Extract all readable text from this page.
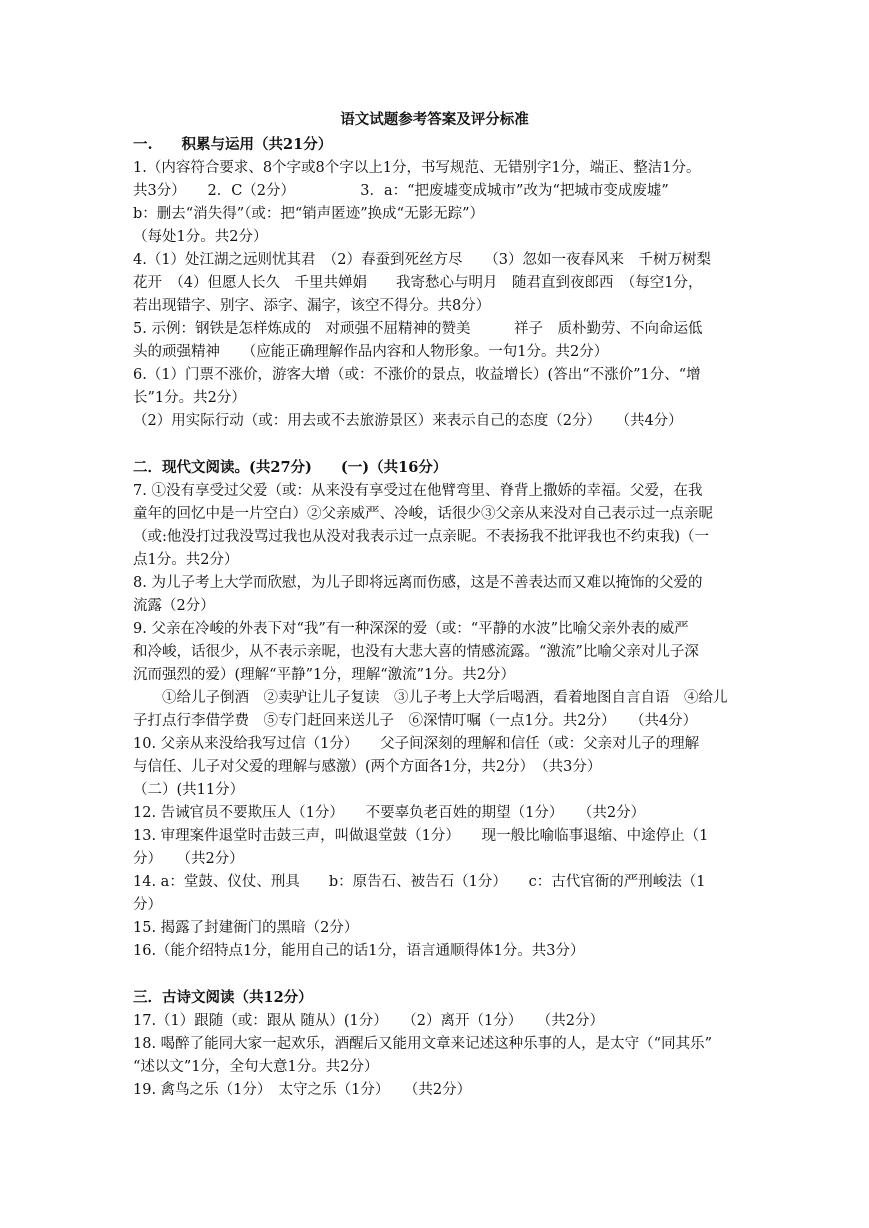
语文试题参考答案及评分标准
一.　　积累与运用（共21分）
1.（内容符合要求、8个字或8个字以上1分，书写规范、无错别字1分，端正、整洁1分。
共3分）　　2．C（2分）　　　　　3．a：“把废墟变成城市”改为“把城市变成废墟”
b：删去“消失得”（或：把“销声匿迹”换成“无影无踪”）
（每处1分。共2分）
4.（1）处江湖之远则忧其君　（2）春蚕到死丝方尽　　（3）忽如一夜春风来　千树万树梨
花开　（4）但愿人长久　千里共婵娟　　我寄愁心与明月　随君直到夜郎西　（每空1分，
若出现错字、别字、添字、漏字，该空不得分。共8分）
5. 示例：钢铁是怎样炼成的　对顽强不屈精神的赞美　　　祥子　质朴勤劳、不向命运低
头的顽强精神　　（应能正确理解作品内容和人物形象。一句1分。共2分）
6.（1）门票不涨价，游客大增（或：不涨价的景点，收益增长）(答出“不涨价”1分、“增
长”1分。共2分）
（2）用实际行动（或：用去或不去旅游景区）来表示自己的态度（2分）　　（共4分）
二．现代文阅读。(共27分)　　(一)（共16分）
7. ①没有享受过父爱（或：从来没有享受过在他臂弯里、脊背上撒娇的幸福。父爱，在我
童年的回忆中是一片空白）②父亲威严、冷峻，话很少③父亲从来没对自己表示过一点亲昵
（或:他没打过我没骂过我也从没对我表示过一点亲昵。不表扬我不批评我也不约束我)（一
点1分。共2分）
8. 为儿子考上大学而欣慰，为儿子即将远离而伤感，这是不善表达而又难以掩饰的父爱的
流露（2分）
9. 父亲在冷峻的外表下对“我”有一种深深的爱（或：“平静的水波”比喻父亲外表的威严
和冷峻，话很少，从不表示亲昵，也没有大悲大喜的情感流露。“激流”比喻父亲对儿子深
沉而强烈的爱）(理解“平静”1分，理解“激流”1分。共2分）
　　①给儿子倒酒　②卖驴让儿子复读　③儿子考上大学后喝酒，看着地图自言自语　④给儿
子打点行李借学费　⑤专门赶回来送儿子　⑥深情叮嘱（一点1分。共2分）　　（共4分）
10. 父亲从来没给我写过信（1分）　　父子间深刻的理解和信任（或：父亲对儿子的理解
与信任、儿子对父爱的理解与感激）(两个方面各1分，共2分）　（共3分）
（二）(共11分）
12. 告诫官员不要欺压人（1分）　　不要辜负老百姓的期望（1分）　　（共2分）
13. 审理案件退堂时击鼓三声，叫做退堂鼓（1分）　　现一般比喻临事退缩、中途停止（1
分）　　（共2分）
14. a：堂鼓、仪仗、刑具　　b：原告石、被告石（1分）　　c：古代官衙的严刑峻法（1
分）
15. 揭露了封建衙门的黑暗（2分）
16.（能介绍特点1分，能用自己的话1分，语言通顺得体1分。共3分）
三．古诗文阅读（共12分）
17.（1）跟随（或：跟从 随从）(1分）　　（2）离开（1分）　　（共2分）
18. 喝醉了能同大家一起欢乐，酒醒后又能用文章来记述这种乐事的人，是太守（“同其乐”
“述以文”1分，全句大意1分。共2分）
19. 禽鸟之乐（1分）　太守之乐（1分）　　（共2分）
